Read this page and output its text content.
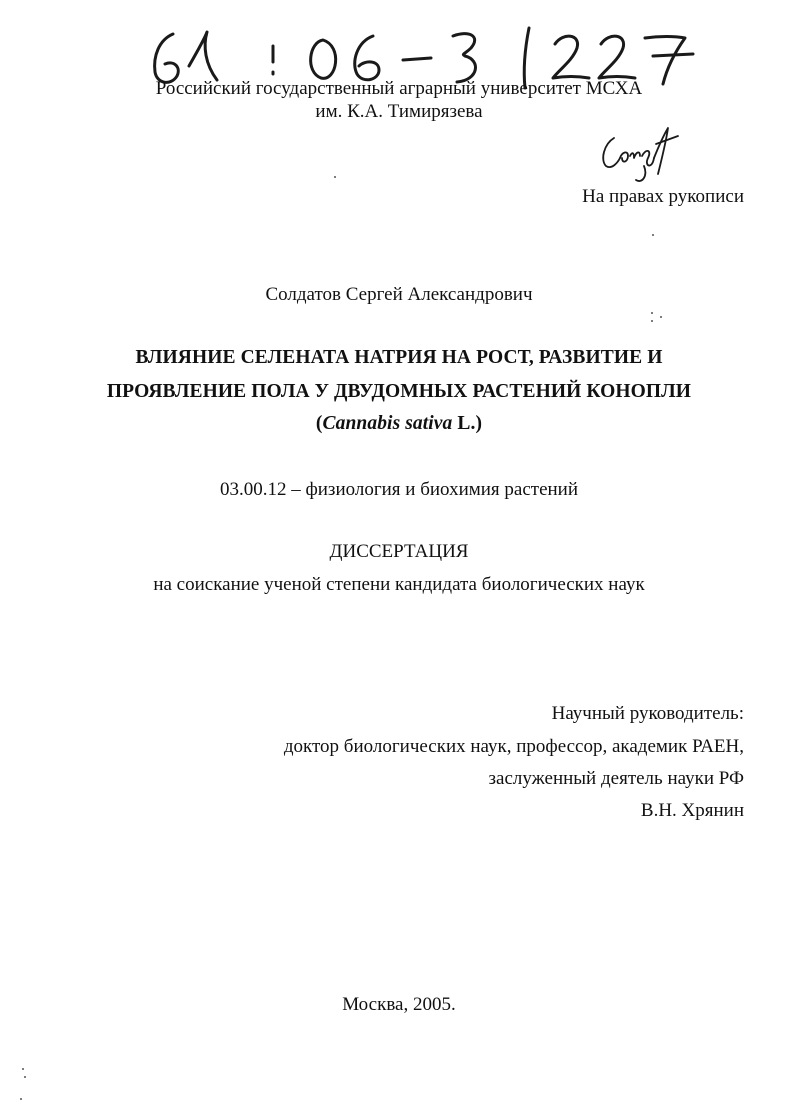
Российский государственный аграрный университет МСХА
им. К.А. Тимирязева
На правах рукописи
Солдатов Сергей Александрович
ВЛИЯНИЕ СЕЛЕНАТА НАТРИЯ НА РОСТ, РАЗВИТИЕ И
ПРОЯВЛЕНИЕ ПОЛА У ДВУДОМНЫХ РАСТЕНИЙ КОНОПЛИ
(Cannabis sativa L.)
03.00.12 – физиология и биохимия растений
ДИССЕРТАЦИЯ
на соискание ученой степени кандидата биологических наук
Научный руководитель:
доктор биологических наук, профессор, академик РАЕН,
заслуженный деятель науки РФ
В.Н. Хрянин
Москва, 2005.
